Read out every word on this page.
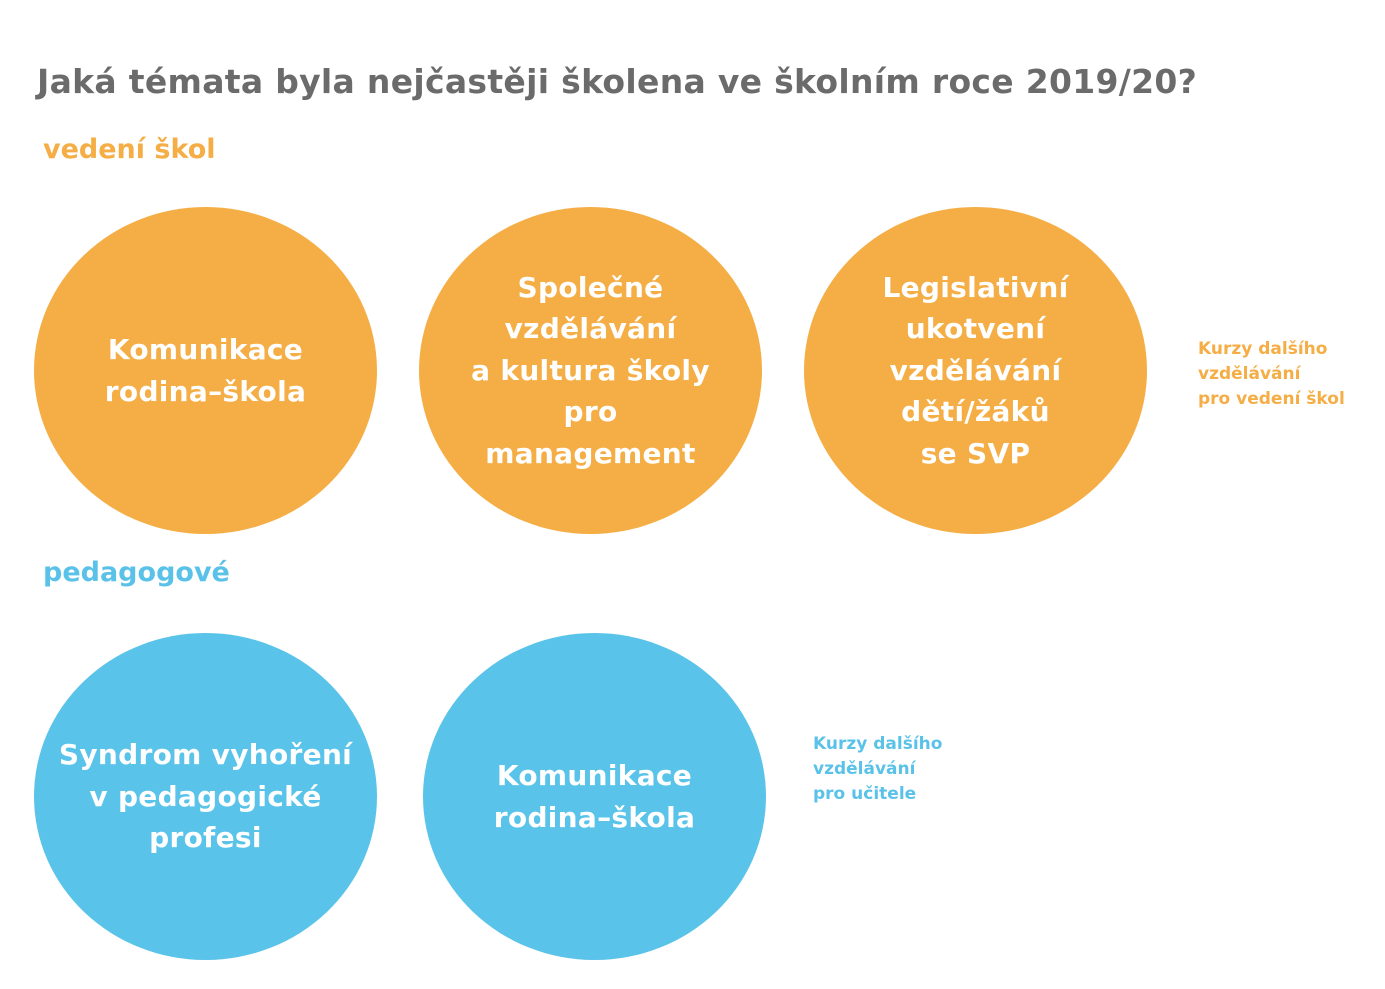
Jaká témata byla nejčastěji školena ve školním roce 2019/20?
vedení škol
Komunikace
rodina–škola
Společné
vzdělávání
a kultura školy
pro
management
Legislativní
ukotvení
vzdělávání
dětí/žáků
se SVP
Kurzy dalšího
vzdělávání
pro vedení škol
pedagogové
Syndrom vyhoření
v pedagogické
profesi
Komunikace
rodina–škola
Kurzy dalšího
vzdělávání
pro učitele
